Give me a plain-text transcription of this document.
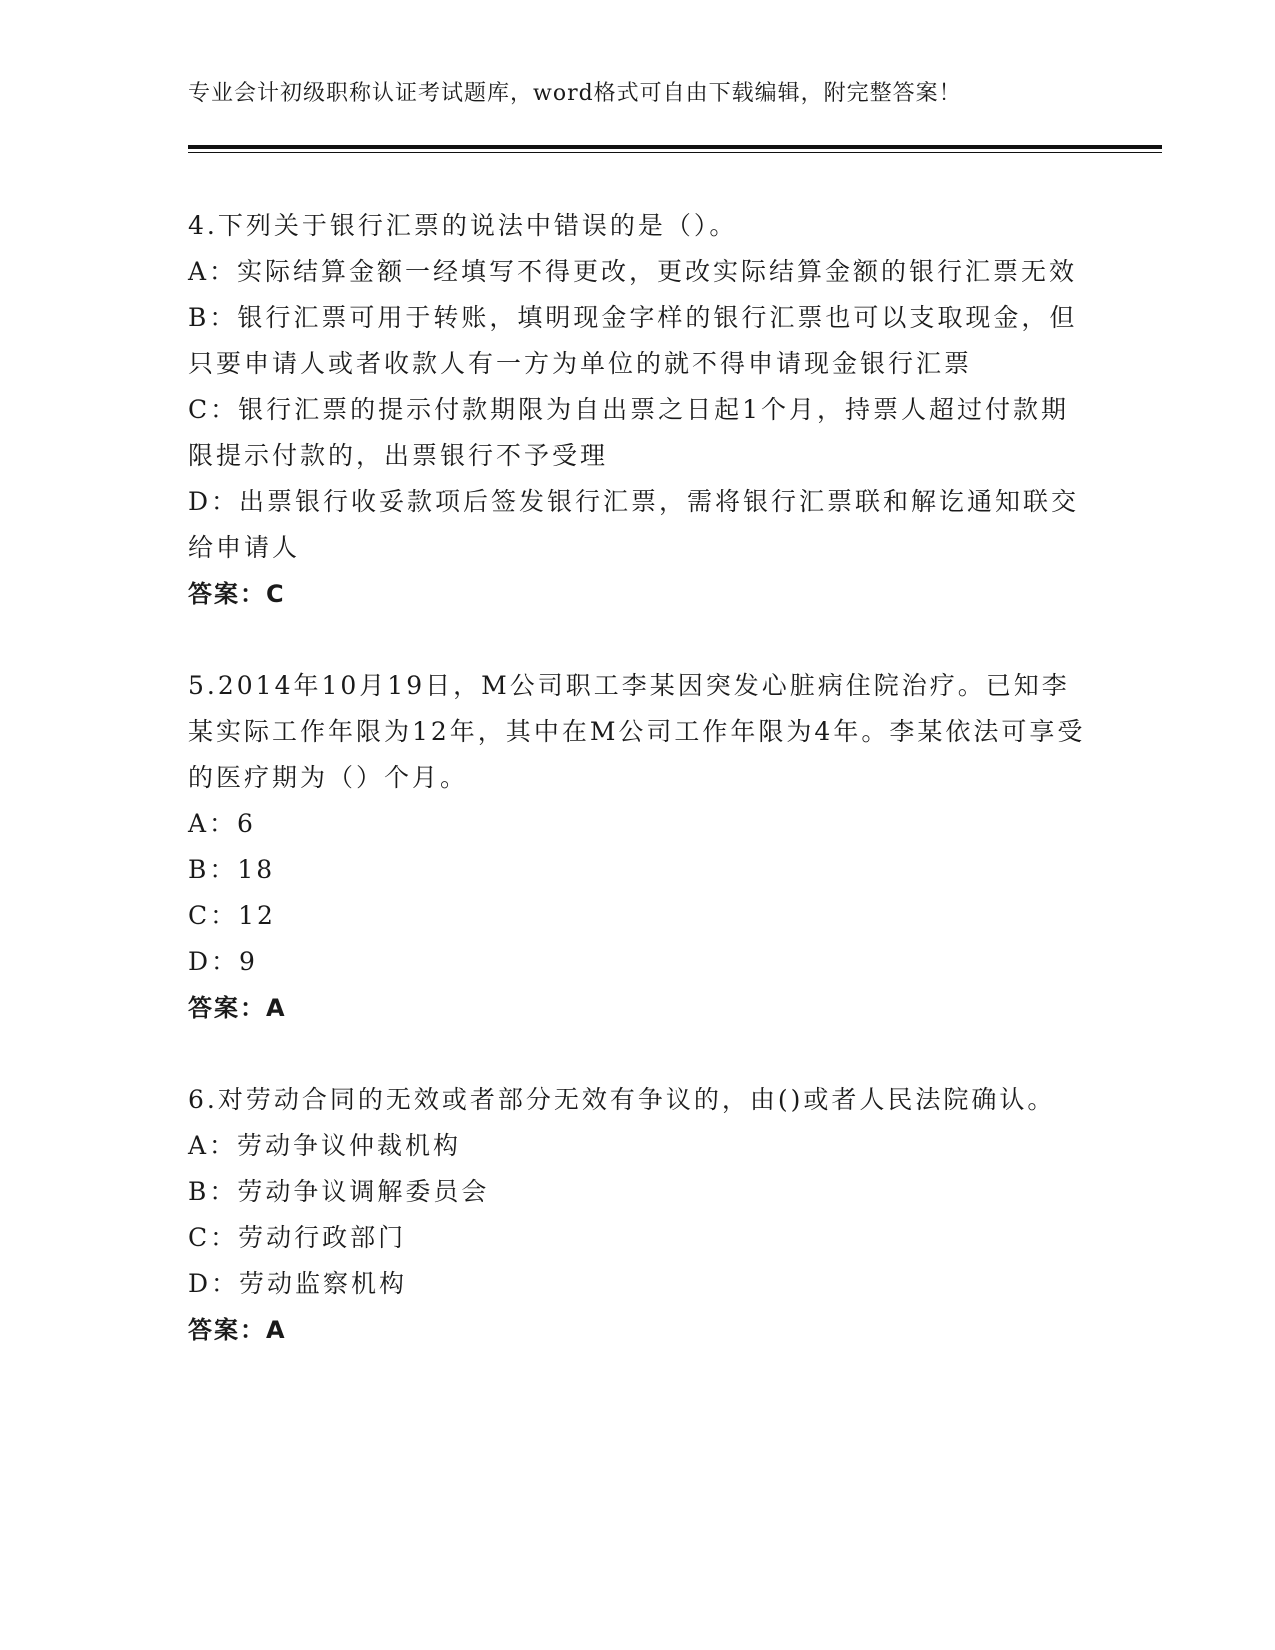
专业会计初级职称认证考试题库，word格式可自由下载编辑，附完整答案！

4.下列关于银行汇票的说法中错误的是（）。

A：实际结算金额一经填写不得更改，更改实际结算金额的银行汇票无效

B：银行汇票可用于转账，填明现金字样的银行汇票也可以支取现金，但只要申请人或者收款人有一方为单位的就不得申请现金银行汇票

C：银行汇票的提示付款期限为自出票之日起1个月，持票人超过付款期限提示付款的，出票银行不予受理

D：出票银行收妥款项后签发银行汇票，需将银行汇票联和解讫通知联交给申请人

答案：C

5.2014年10月19日，M公司职工李某因突发心脏病住院治疗。已知李某实际工作年限为12年，其中在M公司工作年限为4年。李某依法可享受的医疗期为（）个月。

A：6

B：18

C：12

D：9

答案：A

6.对劳动合同的无效或者部分无效有争议的，由()或者人民法院确认。

A：劳动争议仲裁机构

B：劳动争议调解委员会

C：劳动行政部门

D：劳动监察机构

答案：A
